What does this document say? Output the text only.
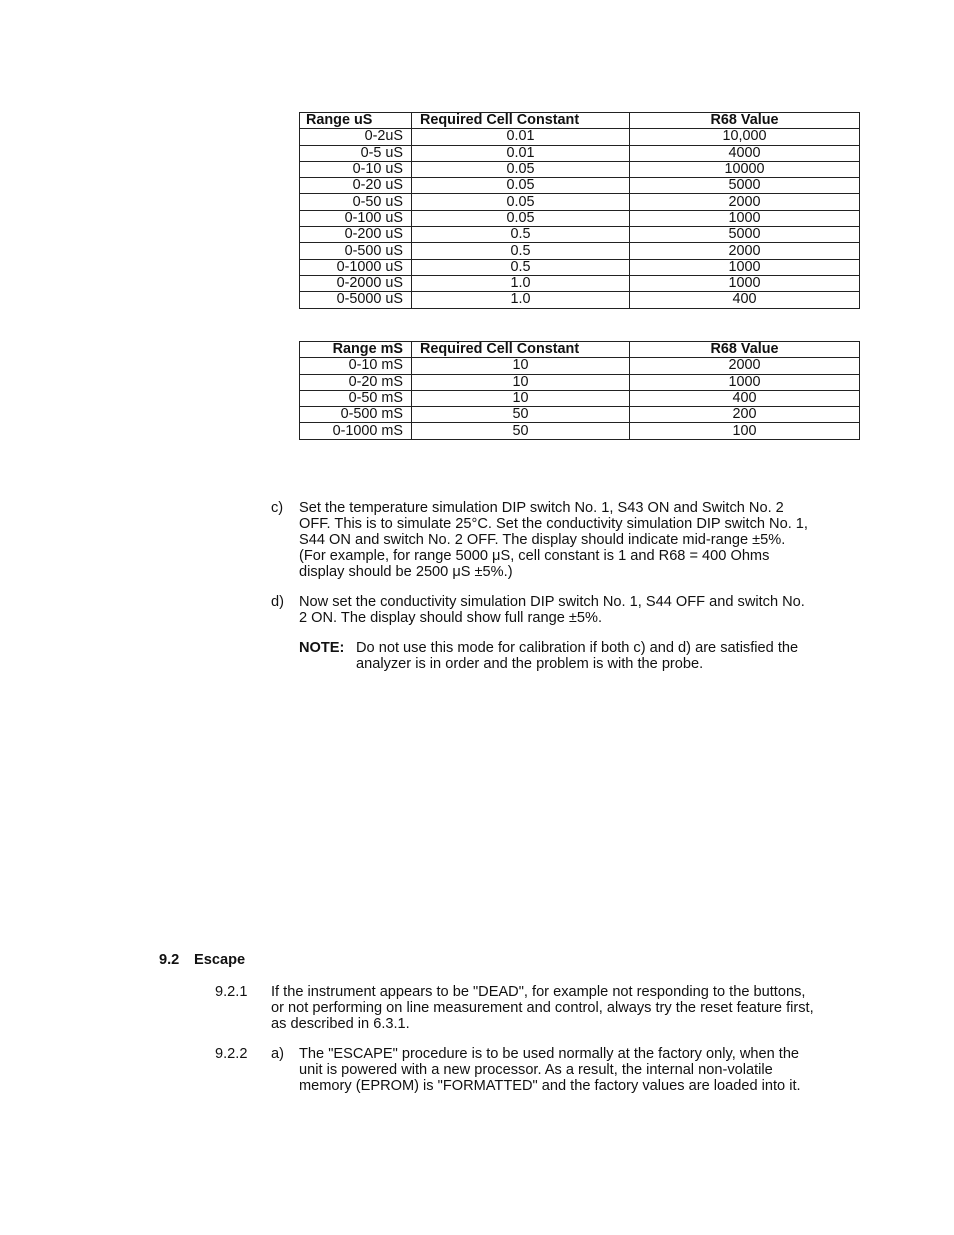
Range uS	Required Cell Constant	R68 Value
0-2uS	0.01	10,000
0-5 uS	0.01	4000
0-10 uS	0.05	10000
0-20 uS	0.05	5000
0-50 uS	0.05	2000
0-100 uS	0.05	1000
0-200 uS	0.5	5000
0-500 uS	0.5	2000
0-1000 uS	0.5	1000
0-2000 uS	1.0	1000
0-5000 uS	1.0	400
Range mS	Required Cell Constant	R68 Value
0-10 mS	10	2000
0-20 mS	10	1000
0-50 mS	10	400
0-500 mS	50	200
0-1000 mS	50	100
c) Set the temperature simulation DIP switch No. 1, S43 ON and Switch No. 2
OFF. This is to simulate 25°C. Set the conductivity simulation DIP switch No. 1,
S44 ON and switch No. 2 OFF. The display should indicate mid-range ±5%.
(For example, for range 5000 μS, cell constant is 1 and R68 = 400 Ohms
display should be 2500 μS ±5%.)
d) Now set the conductivity simulation DIP switch No. 1, S44 OFF and switch No.
2 ON. The display should show full range ±5%.
NOTE: Do not use this mode for calibration if both c) and d) are satisfied the
analyzer is in order and the problem is with the probe.
9.2 Escape
9.2.1 If the instrument appears to be "DEAD", for example not responding to the buttons,
or not performing on line measurement and control, always try the reset feature first,
as described in 6.3.1.
9.2.2 a) The "ESCAPE" procedure is to be used normally at the factory only, when the
unit is powered with a new processor. As a result, the internal non-volatile
memory (EPROM) is "FORMATTED" and the factory values are loaded into it.
